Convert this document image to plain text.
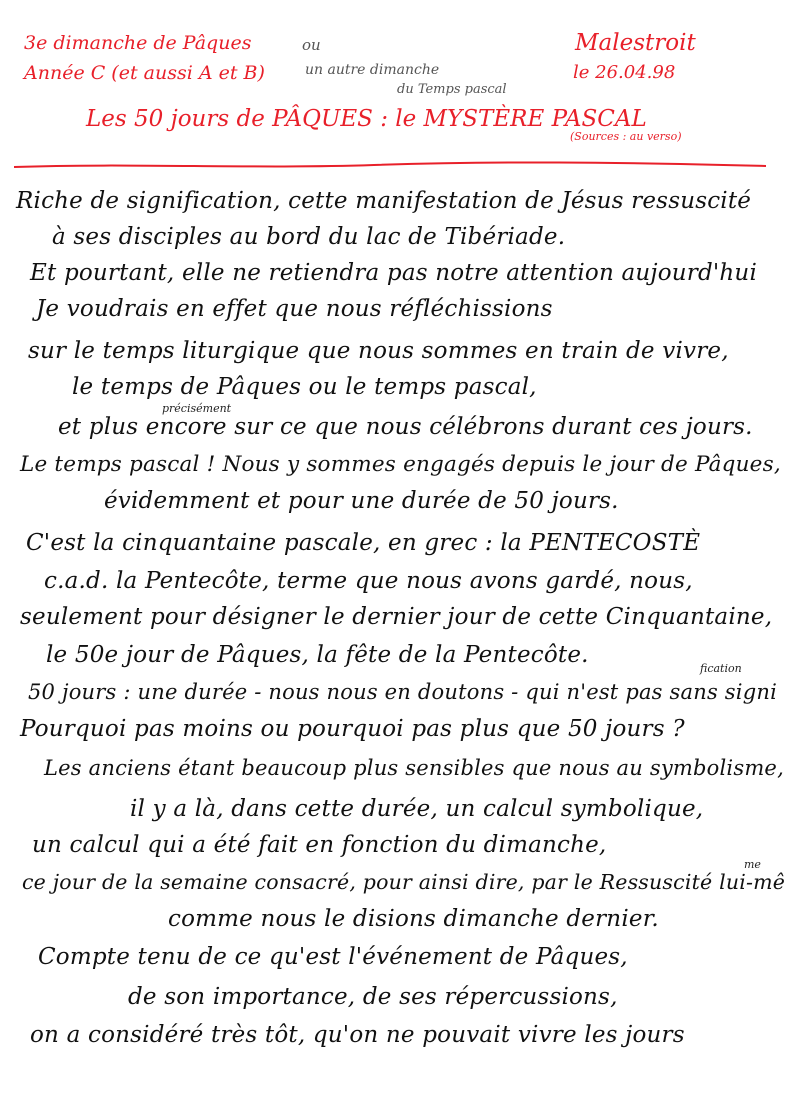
3e dimanche de Pâques	ou
Année C (et aussi A et B)	un autre dimanche
du Temps pascal
Malestroit
le 26.04.98
Les 50 jours de PÂQUES : le MYSTÈRE PASCAL
(Sources : au verso)
Riche de signification, cette manifestation de Jésus ressuscité
à ses disciples au bord du lac de Tibériade.
Et pourtant, elle ne retiendra pas notre attention aujourd'hui
Je voudrais en effet que nous réfléchissions
sur le temps liturgique que nous sommes en train de vivre,
le temps de Pâques ou le temps pascal,
précisément
et plus encore sur ce que nous célébrons durant ces jours.
Le temps pascal ! Nous y sommes engagés depuis le jour de Pâques,
évidemment et pour une durée de 50 jours.
C'est la cinquantaine pascale, en grec : la PENTECOSTÈ
c.a.d. la Pentecôte, terme que nous avons gardé, nous,
seulement pour désigner le dernier jour de cette Cinquantaine,
le 50e jour de Pâques, la fête de la Pentecôte.
fication
50 jours : une durée - nous nous en doutons - qui n'est pas sans signi
Pourquoi pas moins ou pourquoi pas plus que 50 jours ?
Les anciens étant beaucoup plus sensibles que nous au symbolisme,
il y a là, dans cette durée, un calcul symbolique,
un calcul qui a été fait en fonction du dimanche,
me
ce jour de la semaine consacré, pour ainsi dire, par le Ressuscité lui-mê
comme nous le disions dimanche dernier.
Compte tenu de ce qu'est l'événement de Pâques,
de son importance, de ses répercussions,
on a considéré très tôt, qu'on ne pouvait vivre les jours
